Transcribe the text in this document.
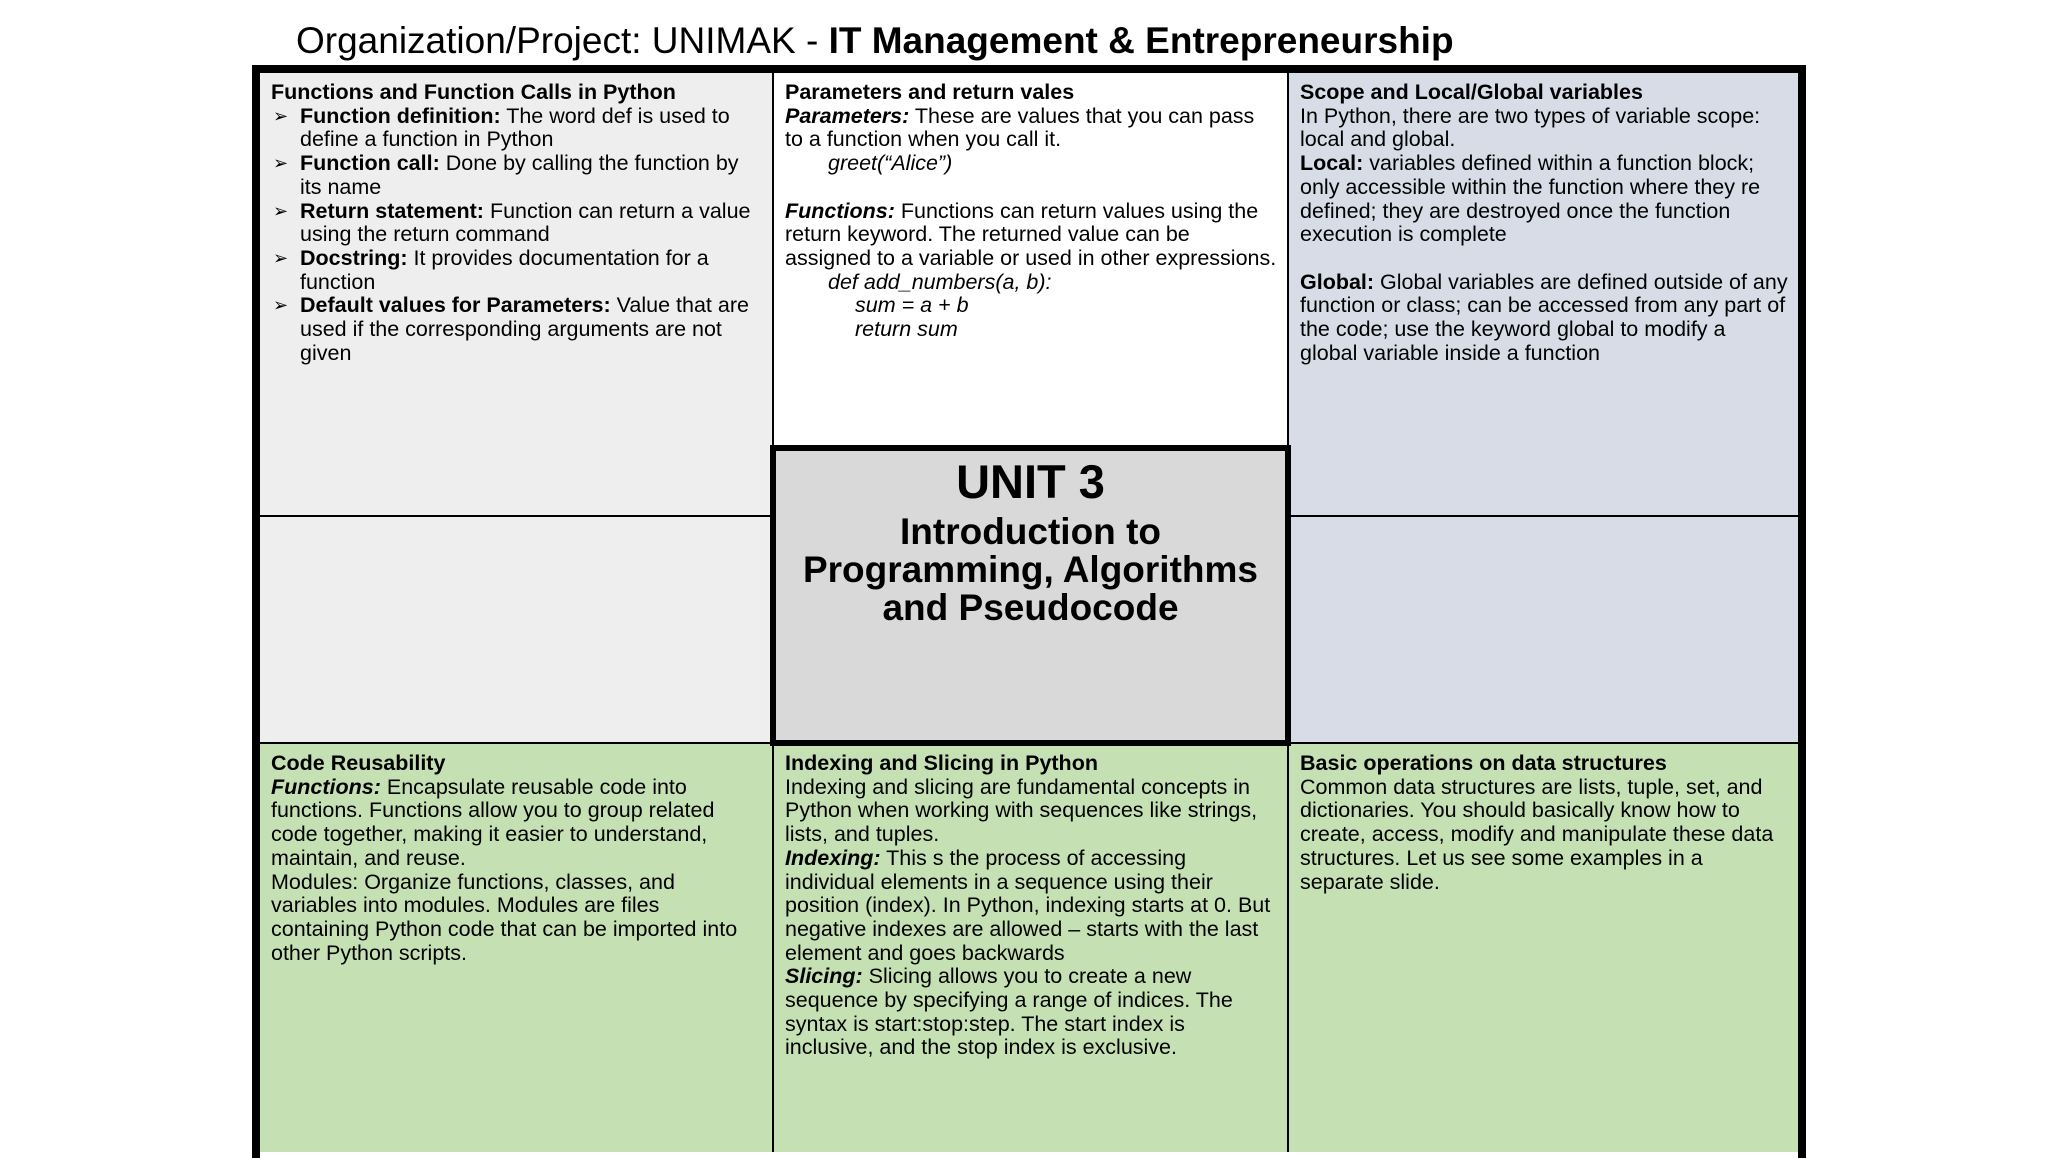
Organization/Project: UNIMAK - IT Management & Entrepreneurship
Functions and Function Calls in Python
➢ Function definition: The word def is used to define a function in Python
➢ Function call: Done by calling the function by its name
➢ Return statement: Function can return a value using the return command
➢ Docstring: It provides documentation for a function
➢ Default values for Parameters: Value that are used if the corresponding arguments are not given
Parameters and return vales
Parameters: These are values that you can pass to a function when you call it.
greet(“Alice”)
Functions: Functions can return values using the return keyword. The returned value can be assigned to a variable or used in other expressions.
def add_numbers(a, b):
sum = a + b
return sum
Scope and Local/Global variables
In Python, there are two types of variable scope: local and global.
Local: variables defined within a function block; only accessible within the function where they re defined; they are destroyed once the function execution is complete
Global: Global variables are defined outside of any function or class; can be accessed from any part of the code; use the keyword global to modify a global variable inside a function
Code Reusability
Functions: Encapsulate reusable code into functions. Functions allow you to group related code together, making it easier to understand, maintain, and reuse.
Modules: Organize functions, classes, and variables into modules. Modules are files containing Python code that can be imported into other Python scripts.
Indexing and Slicing in Python
Indexing and slicing are fundamental concepts in Python when working with sequences like strings, lists, and tuples.
Indexing: This s the process of accessing individual elements in a sequence using their position (index). In Python, indexing starts at 0. But negative indexes are allowed – starts with the last element and goes backwards
Slicing: Slicing allows you to create a new sequence by specifying a range of indices. The syntax is start:stop:step. The start index is inclusive, and the stop index is exclusive.
Basic operations on data structures
Common data structures are lists, tuple, set, and dictionaries. You should basically know how to create, access, modify and manipulate these data structures. Let us see some examples in a separate slide.
UNIT 3
Introduction to Programming, Algorithms and Pseudocode
